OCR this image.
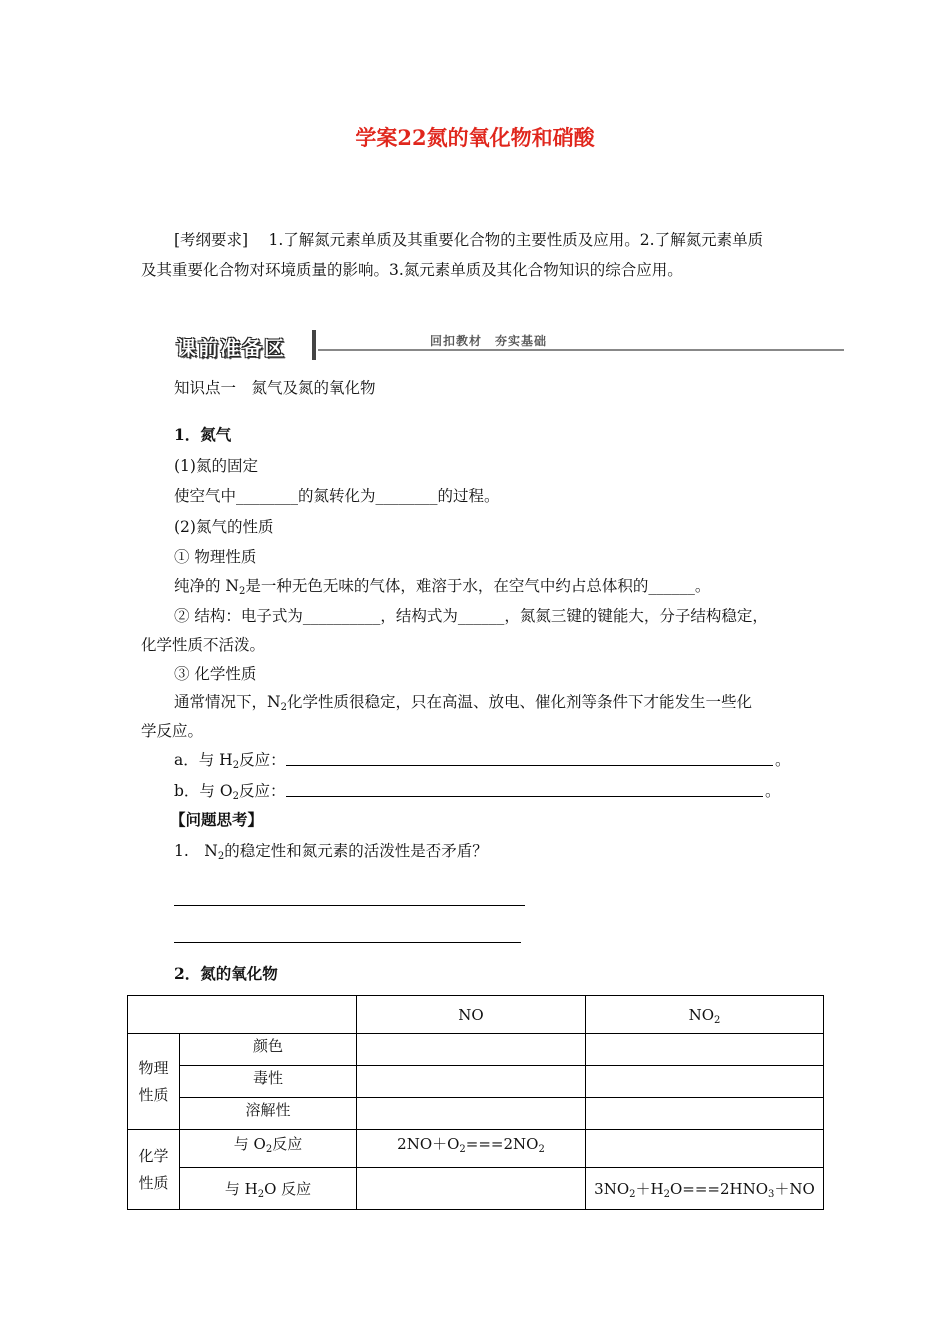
学案22氮的氧化物和硝酸
[考纲要求]　 1.了解氮元素单质及其重要化合物的主要性质及应用。2.了解氮元素单质
及其重要化合物对环境质量的影响。3.氮元素单质及其化合物知识的综合应用。
课前准备区	回扣教材　夯实基础
知识点一　氮气及氮的氧化物
1．氮气
(1)氮的固定
使空气中________的氮转化为________的过程。
(2)氮气的性质
① 物理性质
纯净的 $N_2$是一种无色无味的气体，难溶于水，在空气中约占总体积的______。
② 结构：电子式为__________，结构式为______，氮氮三键的键能大，分子结构稳定，
化学性质不活泼。
③ 化学性质
通常情况下，$N_2$化学性质很稳定，只在高温、放电、催化剂等条件下才能发生一些化
学反应。
a．与 $H_2$反应：	。
b．与 $O_2$反应：	。
【问题思考】
1.　$N_2$的稳定性和氮元素的活泼性是否矛盾？
2．氮的氧化物
		NO	$NO_2$
物理
性质	颜色		
	毒性		
	溶解性		
化学
性质	与 $O_2$反应	$2NO+O_2===2NO_2$	
	与 $H_2O$ 反应		$3NO_2+H_2O===2HNO_3+NO$
